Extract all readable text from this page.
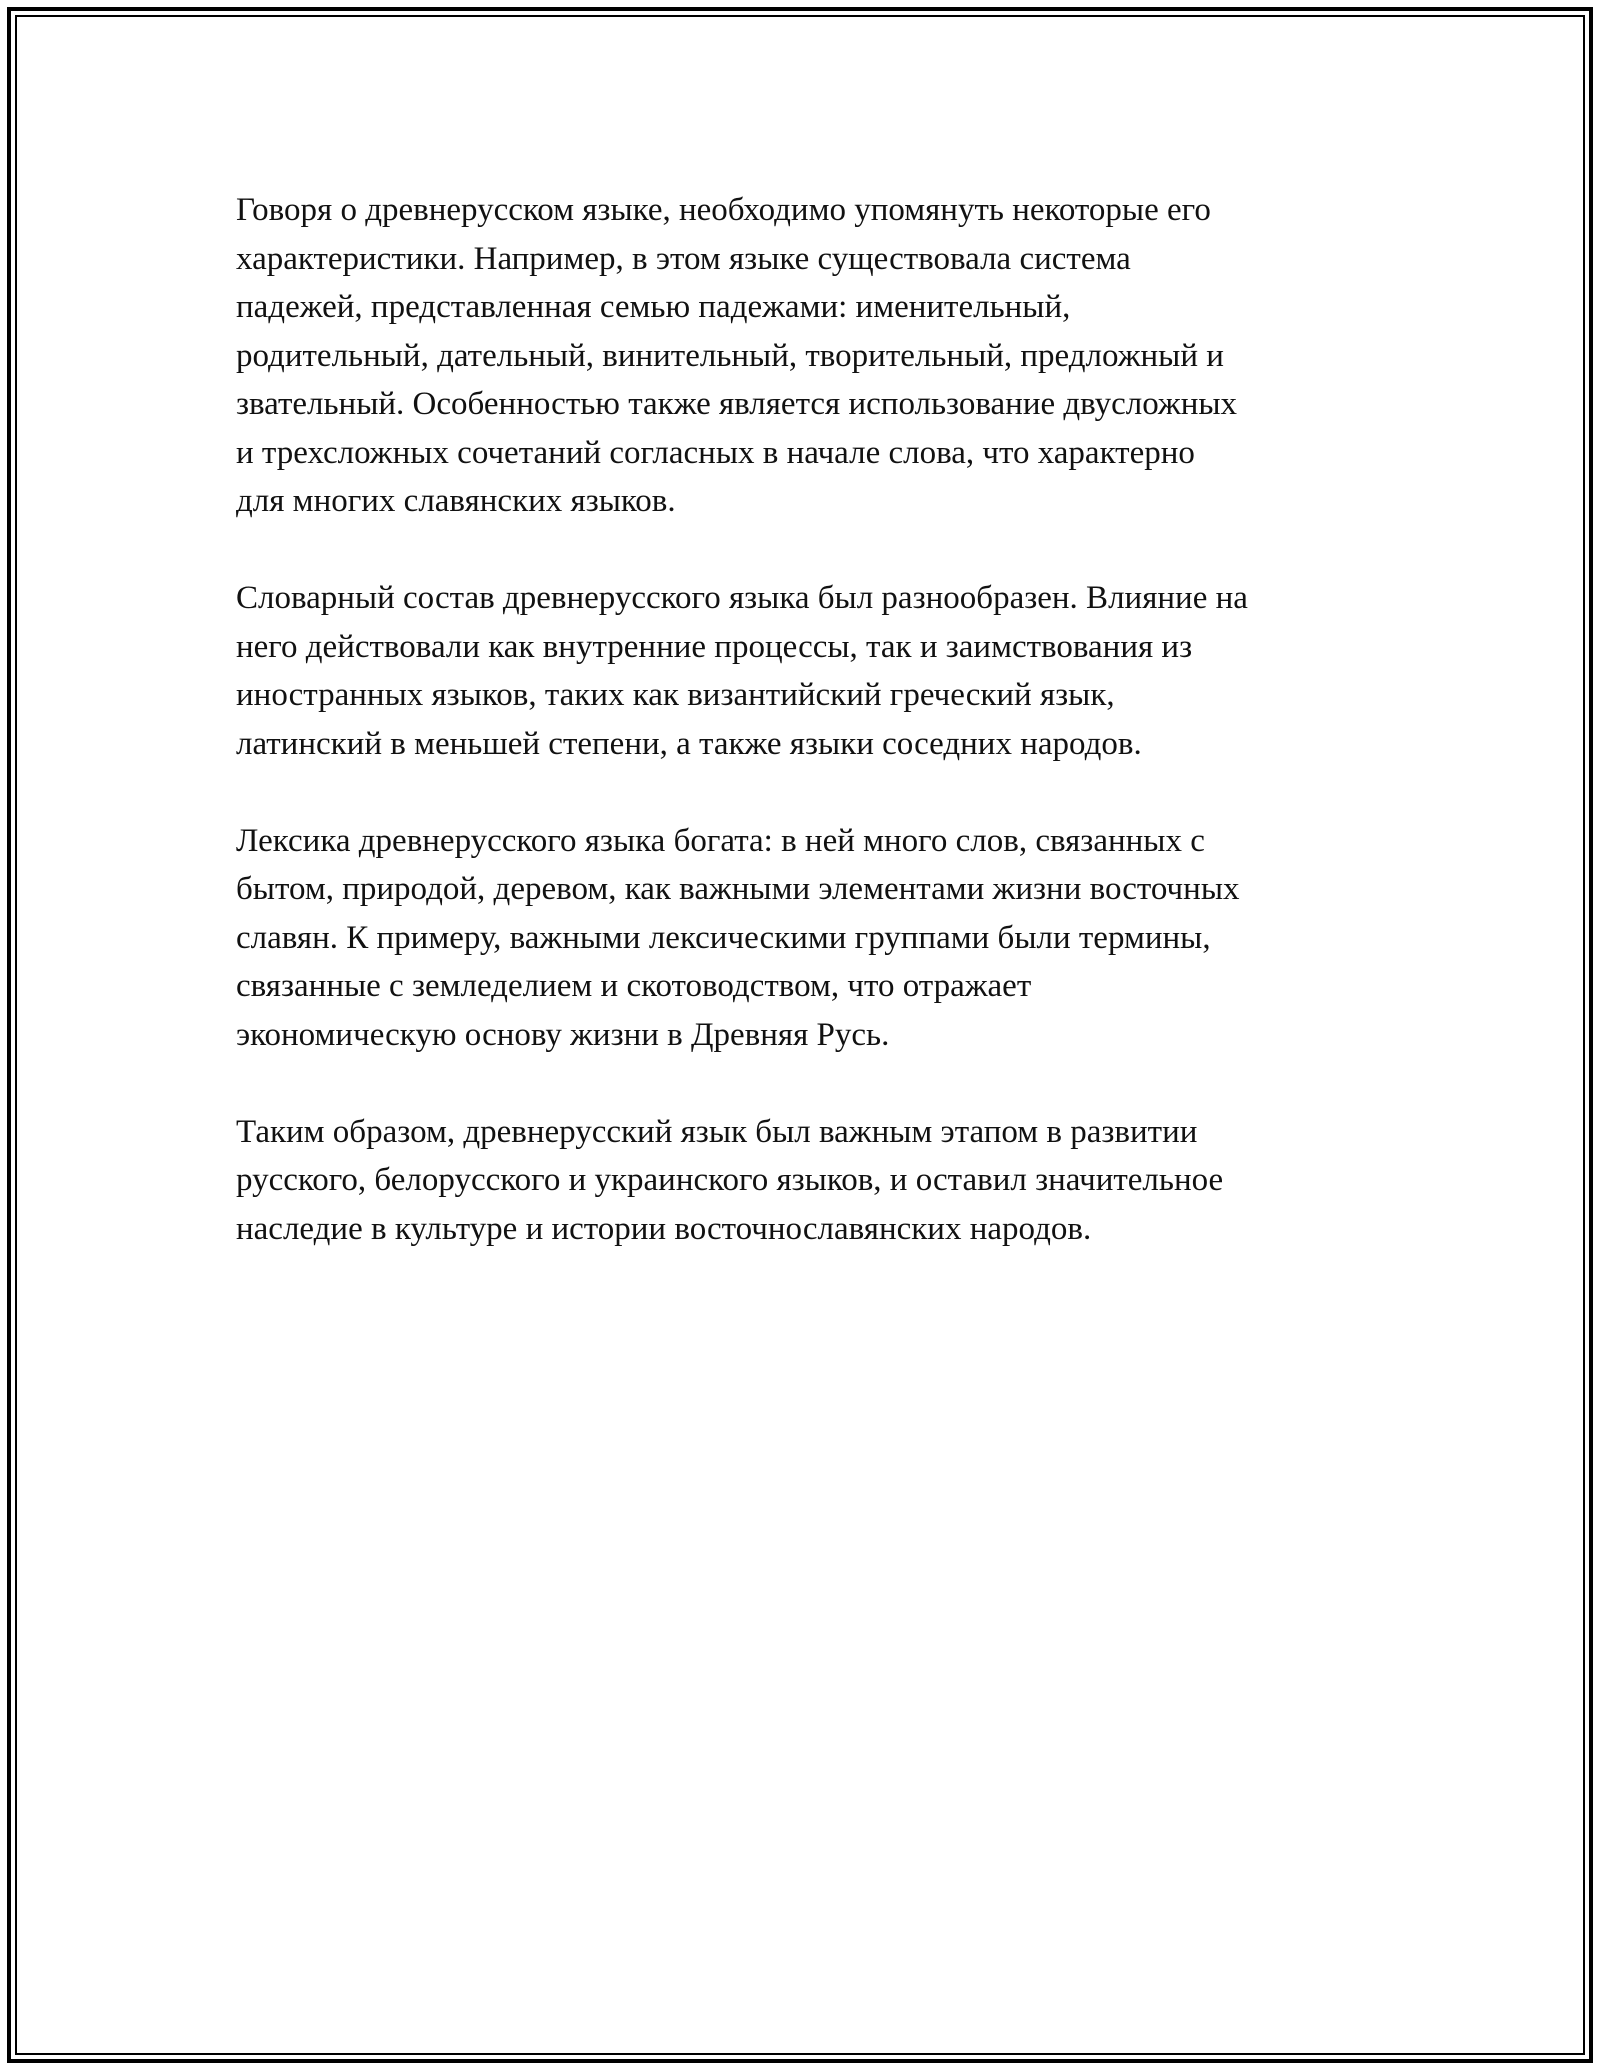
Говоря о древнерусском языке, необходимо упомянуть некоторые его
характеристики. Например, в этом языке существовала система
падежей, представленная семью падежами: именительный,
родительный, дательный, винительный, творительный, предложный и
звательный. Особенностью также является использование двусложных
и трехсложных сочетаний согласных в начале слова, что характерно
для многих славянских языков.

Словарный состав древнерусского языка был разнообразен. Влияние на
него действовали как внутренние процессы, так и заимствования из
иностранных языков, таких как византийский греческий язык,
латинский в меньшей степени, а также языки соседних народов.

Лексика древнерусского языка богата: в ней много слов, связанных с
бытом, природой, деревом, как важными элементами жизни восточных
славян. К примеру, важными лексическими группами были термины,
связанные с земледелием и скотоводством, что отражает
экономическую основу жизни в Древняя Русь.

Таким образом, древнерусский язык был важным этапом в развитии
русского, белорусского и украинского языков, и оставил значительное
наследие в культуре и истории восточнославянских народов.
